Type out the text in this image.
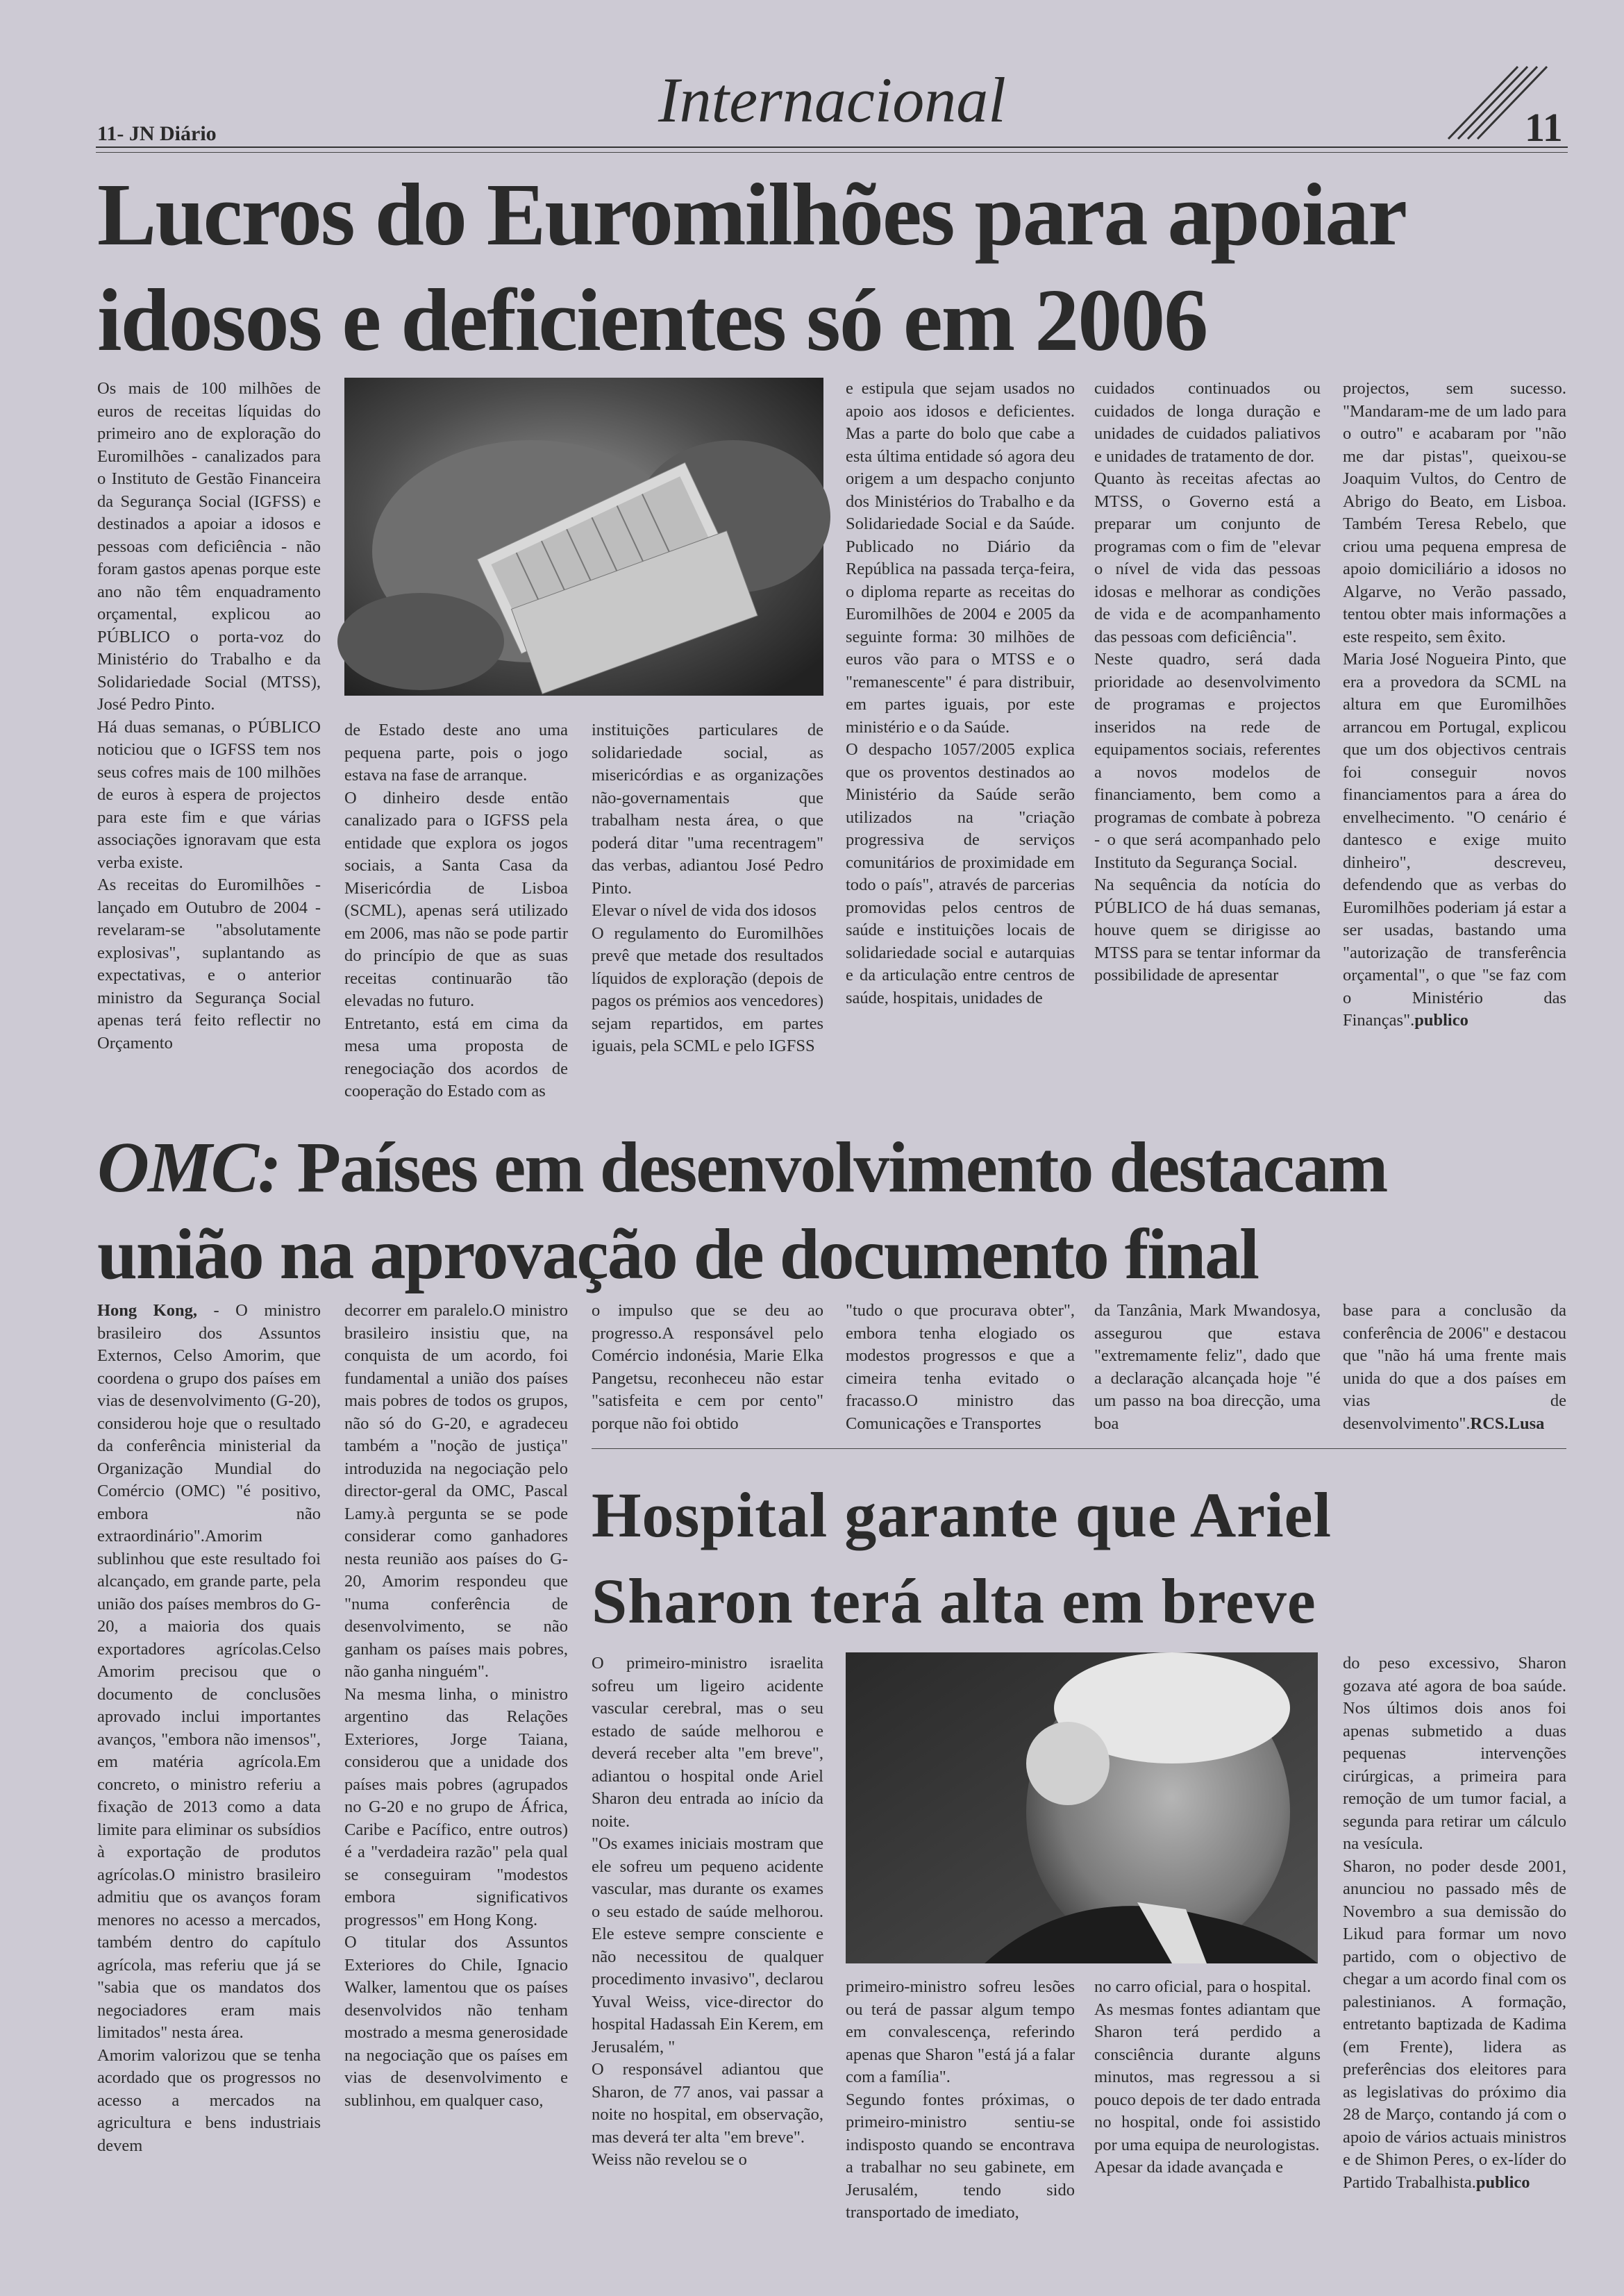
11- JN Diário	Internacional	11
Lucros do Euromilhões para apoiar
idosos e deficientes só em 2006
Os mais de 100 milhões de euros de receitas líquidas do primeiro ano de exploração do Euromilhões - canalizados para o Instituto de Gestão Financeira da Segurança Social (IGFSS) e destinados a apoiar a idosos e pessoas com deficiência - não foram gastos apenas porque este ano não têm enquadramento orçamental, explicou ao PÚBLICO o porta-voz do Ministério do Trabalho e da Solidariedade Social (MTSS), José Pedro Pinto.
Há duas semanas, o PÚBLICO noticiou que o IGFSS tem nos seus cofres mais de 100 milhões de euros à espera de projectos para este fim e que várias associações ignoravam que esta verba existe.
As receitas do Euromilhões - lançado em Outubro de 2004 - revelaram-se "absolutamente explosivas", suplantando as expectativas, e o anterior ministro da Segurança Social apenas terá feito reflectir no Orçamento
de Estado deste ano uma pequena parte, pois o jogo estava na fase de arranque.
O dinheiro desde então canalizado para o IGFSS pela entidade que explora os jogos sociais, a Santa Casa da Misericórdia de Lisboa (SCML), apenas será utilizado em 2006, mas não se pode partir do princípio de que as suas receitas continuarão tão elevadas no futuro.
Entretanto, está em cima da mesa uma proposta de renegociação dos acordos de cooperação do Estado com as
instituições particulares de solidariedade social, as misericórdias e as organizações não-governamentais que trabalham nesta área, o que poderá ditar "uma recentragem" das verbas, adiantou José Pedro Pinto.
Elevar o nível de vida dos idosos
O regulamento do Euromilhões prevê que metade dos resultados líquidos de exploração (depois de pagos os prémios aos vencedores) sejam repartidos, em partes iguais, pela SCML e pelo IGFSS
e estipula que sejam usados no apoio aos idosos e deficientes. Mas a parte do bolo que cabe a esta última entidade só agora deu origem a um despacho conjunto dos Ministérios do Trabalho e da Solidariedade Social e da Saúde. Publicado no Diário da República na passada terça-feira, o diploma reparte as receitas do Euromilhões de 2004 e 2005 da seguinte forma: 30 milhões de euros vão para o MTSS e o "remanescente" é para distribuir, em partes iguais, por este ministério e o da Saúde.
O despacho 1057/2005 explica que os proventos destinados ao Ministério da Saúde serão utilizados na "criação progressiva de serviços comunitários de proximidade em todo o país", através de parcerias promovidas pelos centros de saúde e instituições locais de solidariedade social e autarquias e da articulação entre centros de saúde, hospitais, unidades de
cuidados continuados ou cuidados de longa duração e unidades de cuidados paliativos e unidades de tratamento de dor.
Quanto às receitas afectas ao MTSS, o Governo está a preparar um conjunto de programas com o fim de "elevar o nível de vida das pessoas idosas e melhorar as condições de vida e de acompanhamento das pessoas com deficiência".
Neste quadro, será dada prioridade ao desenvolvimento de programas e projectos inseridos na rede de equipamentos sociais, referentes a novos modelos de financiamento, bem como a programas de combate à pobreza - o que será acompanhado pelo Instituto da Segurança Social.
Na sequência da notícia do PÚBLICO de há duas semanas, houve quem se dirigisse ao MTSS para se tentar informar da possibilidade de apresentar
projectos, sem sucesso. "Mandaram-me de um lado para o outro" e acabaram por "não me dar pistas", queixou-se Joaquim Vultos, do Centro de Abrigo do Beato, em Lisboa. Também Teresa Rebelo, que criou uma pequena empresa de apoio domiciliário a idosos no Algarve, no Verão passado, tentou obter mais informações a este respeito, sem êxito.
Maria José Nogueira Pinto, que era a provedora da SCML na altura em que Euromilhões arrancou em Portugal, explicou que um dos objectivos centrais foi conseguir novos financiamentos para a área do envelhecimento. "O cenário é dantesco e exige muito dinheiro", descreveu, defendendo que as verbas do Euromilhões poderiam já estar a ser usadas, bastando uma "autorização de transferência orçamental", o que "se faz com o Ministério das Finanças".publico
OMC: Países em desenvolvimento destacam
união na aprovação de documento final
Hong Kong, - O ministro brasileiro dos Assuntos Externos, Celso Amorim, que coordena o grupo dos países em vias de desenvolvimento (G-20), considerou hoje que o resultado da conferência ministerial da Organização Mundial do Comércio (OMC) "é positivo, embora não extraordinário".Amorim sublinhou que este resultado foi alcançado, em grande parte, pela união dos países membros do G-20, a maioria dos quais exportadores agrícolas.Celso Amorim precisou que o documento de conclusões aprovado inclui importantes avanços, "embora não imensos", em matéria agrícola.Em concreto, o ministro referiu a fixação de 2013 como a data limite para eliminar os subsídios à exportação de produtos agrícolas.O ministro brasileiro admitiu que os avanços foram menores no acesso a mercados, também dentro do capítulo agrícola, mas referiu que já se "sabia que os mandatos dos negociadores eram mais limitados" nesta área.
Amorim valorizou que se tenha acordado que os progressos no acesso a mercados na agricultura e bens industriais devem
decorrer em paralelo.O ministro brasileiro insistiu que, na conquista de um acordo, foi fundamental a união dos países mais pobres de todos os grupos, não só do G-20, e agradeceu também a "noção de justiça" introduzida na negociação pelo director-geral da OMC, Pascal Lamy.à pergunta se se pode considerar como ganhadores nesta reunião aos países do G-20, Amorim respondeu que "numa conferência de desenvolvimento, se não ganham os países mais pobres, não ganha ninguém".
Na mesma linha, o ministro argentino das Relações Exteriores, Jorge Taiana, considerou que a unidade dos países mais pobres (agrupados no G-20 e no grupo de África, Caribe e Pacífico, entre outros) é a "verdadeira razão" pela qual se conseguiram "modestos embora significativos progressos" em Hong Kong.
O titular dos Assuntos Exteriores do Chile, Ignacio Walker, lamentou que os países desenvolvidos não tenham mostrado a mesma generosidade na negociação que os países em vias de desenvolvimento e sublinhou, em qualquer caso,
o impulso que se deu ao progresso.A responsável pelo Comércio indonésia, Marie Elka Pangetsu, reconheceu não estar "satisfeita e cem por cento" porque não foi obtido
"tudo o que procurava obter", embora tenha elogiado os modestos progressos e que a cimeira tenha evitado o fracasso.O ministro das Comunicações e Transportes
da Tanzânia, Mark Mwandosya, assegurou que estava "extremamente feliz", dado que a declaração alcançada hoje "é um passo na boa direcção, uma boa
base para a conclusão da conferência de 2006" e destacou que "não há uma frente mais unida do que a dos países em vias de desenvolvimento".RCS.Lusa
Hospital garante que Ariel
Sharon terá alta em breve
O primeiro-ministro israelita sofreu um ligeiro acidente vascular cerebral, mas o seu estado de saúde melhorou e deverá receber alta "em breve", adiantou o hospital onde Ariel Sharon deu entrada ao início da noite.
"Os exames iniciais mostram que ele sofreu um pequeno acidente vascular, mas durante os exames o seu estado de saúde melhorou. Ele esteve sempre consciente e não necessitou de qualquer procedimento invasivo", declarou Yuval Weiss, vice-director do hospital Hadassah Ein Kerem, em Jerusalém, "
O responsável adiantou que Sharon, de 77 anos, vai passar a noite no hospital, em observação, mas deverá ter alta "em breve".
Weiss não revelou se o
primeiro-ministro sofreu lesões ou terá de passar algum tempo em convalescença, referindo apenas que Sharon "está já a falar com a família".
Segundo fontes próximas, o primeiro-ministro sentiu-se indisposto quando se encontrava a trabalhar no seu gabinete, em Jerusalém, tendo sido transportado de imediato,
no carro oficial, para o hospital.
As mesmas fontes adiantam que Sharon terá perdido a consciência durante alguns minutos, mas regressou a si pouco depois de ter dado entrada no hospital, onde foi assistido por uma equipa de neurologistas.
Apesar da idade avançada e
do peso excessivo, Sharon gozava até agora de boa saúde. Nos últimos dois anos foi apenas submetido a duas pequenas intervenções cirúrgicas, a primeira para remoção de um tumor facial, a segunda para retirar um cálculo na vesícula.
Sharon, no poder desde 2001, anunciou no passado mês de Novembro a sua demissão do Likud para formar um novo partido, com o objectivo de chegar a um acordo final com os palestinianos. A formação, entretanto baptizada de Kadima (em Frente), lidera as preferências dos eleitores para as legislativas do próximo dia 28 de Março, contando já com o apoio de vários actuais ministros e de Shimon Peres, o ex-líder do Partido Trabalhista.publico
